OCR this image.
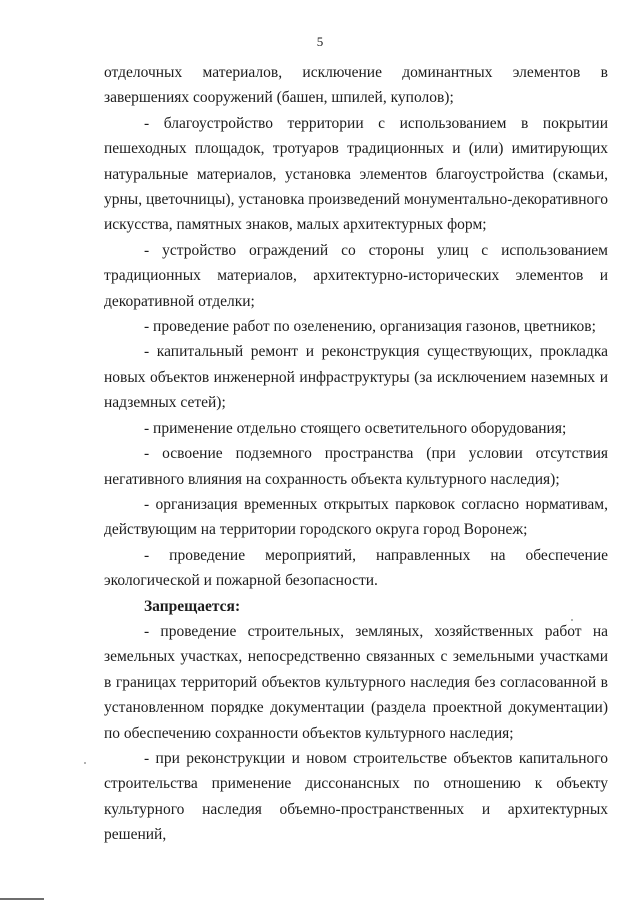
5

отделочных материалов, исключение доминантных элементов в завершениях сооружений (башен, шпилей, куполов);

- благоустройство территории с использованием в покрытии пешеходных площадок, тротуаров традиционных и (или) имитирующих натуральные материалов, установка элементов благоустройства (скамьи, урны, цветочницы), установка произведений монументально-декоративного искусства, памятных знаков, малых архитектурных форм;

- устройство ограждений со стороны улиц с использованием традиционных материалов, архитектурно-исторических элементов и декоративной отделки;

- проведение работ по озеленению, организация газонов, цветников;

- капитальный ремонт и реконструкция существующих, прокладка новых объектов инженерной инфраструктуры (за исключением наземных и надземных сетей);

- применение отдельно стоящего осветительного оборудования;

- освоение подземного пространства (при условии отсутствия негативного влияния на сохранность объекта культурного наследия);

- организация временных открытых парковок согласно нормативам, действующим на территории городского округа город Воронеж;

- проведение мероприятий, направленных на обеспечение экологической и пожарной безопасности.

Запрещается:

- проведение строительных, земляных, хозяйственных работ на земельных участках, непосредственно связанных с земельными участками в границах территорий объектов культурного наследия без согласованной в установленном порядке документации (раздела проектной документации) по обеспечению сохранности объектов культурного наследия;

- при реконструкции и новом строительстве объектов капитального строительства применение диссонансных по отношению к объекту культурного наследия объемно-пространственных и архитектурных решений,
